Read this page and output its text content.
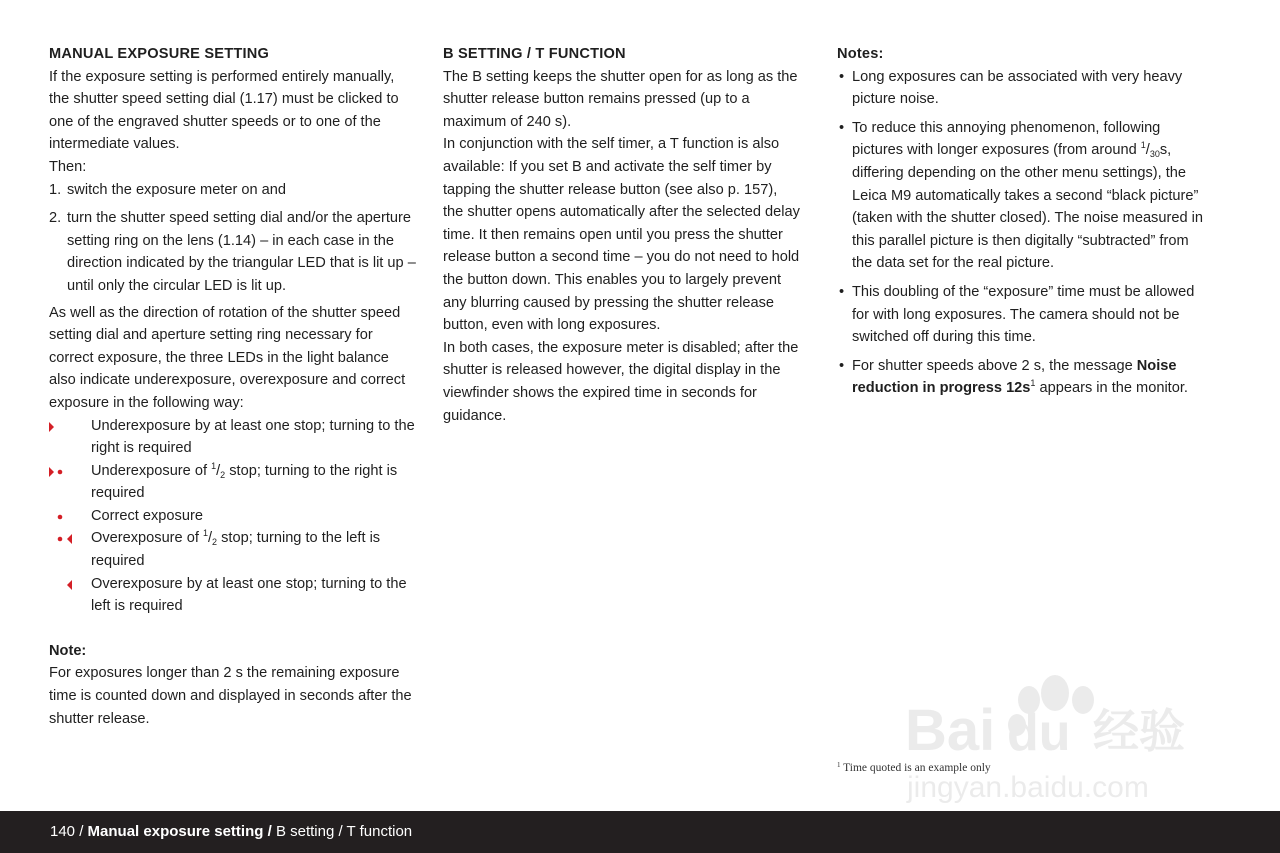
MANUAL EXPOSURE SETTING

If the exposure setting is performed entirely manually, the shutter speed setting dial (1.17) must be clicked to one of the engraved shutter speeds or to one of the intermediate values.

Then:

1. switch the exposure meter on and
2. turn the shutter speed setting dial and/or the aperture setting ring on the lens (1.14) – in each case in the direction indicated by the triangular LED that is lit up – until only the circular LED is lit up.

As well as the direction of rotation of the shutter speed setting dial and aperture setting ring necessary for correct exposure, the three LEDs in the light balance also indicate underexposure, overexposure and correct exposure in the following way:

Underexposure by at least one stop; turning to the right is required
Underexposure of $^1/_2$ stop; turning to the right is required
Correct exposure
Overexposure of $^1/_2$ stop; turning to the left is required
Overexposure by at least one stop; turning to the left is required

Note:

For exposures longer than 2 s the remaining exposure time is counted down and displayed in seconds after the shutter release.

B SETTING / T FUNCTION

The B setting keeps the shutter open for as long as the shutter release button remains pressed (up to a maximum of 240 s).

In conjunction with the self timer, a T function is also available: If you set B and activate the self timer by tapping the shutter release button (see also p. 157), the shutter opens automatically after the selected delay time. It then remains open until you press the shutter release button a second time – you do not need to hold the button down. This enables you to largely prevent any blurring caused by pressing the shutter release button, even with long exposures.

In both cases, the exposure meter is disabled; after the shutter is released however, the digital display in the viewfinder shows the expired time in seconds for guidance.

Notes:
• Long exposures can be associated with very heavy picture noise.
• To reduce this annoying phenomenon, following pictures with longer exposures (from around $^1/_{30}s$, differing depending on the other menu settings), the Leica M9 automatically takes a second “black picture” (taken with the shutter closed). The noise measured in this parallel picture is then digitally “subtracted” from the data set for the real picture.
• This doubling of the “exposure” time must be allowed for with long exposures. The camera should not be switched off during this time.
• For shutter speeds above 2 s, the message Noise reduction in progress $12s^1$ appears in the monitor.
Bai du 经验
jingyan.baidu.com
$^1$ Time quoted is an example only
140 / Manual exposure setting / B setting / T function
